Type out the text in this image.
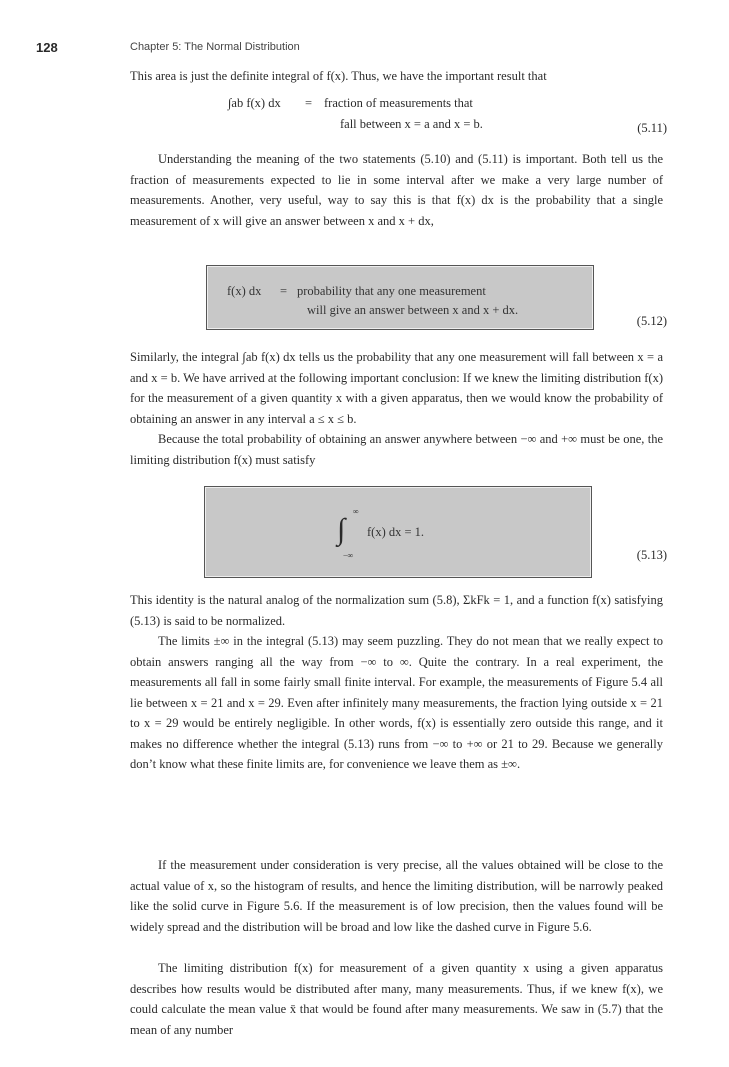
128	Chapter 5: The Normal Distribution

This area is just the definite integral of f(x). Thus, we have the important result that

∫ab f(x) dx = fraction of measurements that
fall between x = a and x = b.	(5.11)

Understanding the meaning of the two statements (5.10) and (5.11) is important. Both tell us the fraction of measurements expected to lie in some interval after we make a very large number of measurements. Another, very useful, way to say this is that f(x) dx is the probability that a single measurement of x will give an answer between x and x + dx,

f(x) dx = probability that any one measurement
will give an answer between x and x + dx.
(5.12)

Similarly, the integral ∫ab f(x) dx tells us the probability that any one measurement will fall between x = a and x = b. We have arrived at the following important conclusion: If we knew the limiting distribution f(x) for the measurement of a given quantity x with a given apparatus, then we would know the probability of obtaining an answer in any interval a ≤ x ≤ b.

Because the total probability of obtaining an answer anywhere between −∞ and +∞ must be one, the limiting distribution f(x) must satisfy

∫
∞
−∞
f(x) dx = 1.
(5.13)

This identity is the natural analog of the normalization sum (5.8), ΣkFk = 1, and a function f(x) satisfying (5.13) is said to be normalized.

The limits ±∞ in the integral (5.13) may seem puzzling. They do not mean that we really expect to obtain answers ranging all the way from −∞ to ∞. Quite the contrary. In a real experiment, the measurements all fall in some fairly small finite interval. For example, the measurements of Figure 5.4 all lie between x = 21 and x = 29. Even after infinitely many measurements, the fraction lying outside x = 21 to x = 29 would be entirely negligible. In other words, f(x) is essentially zero outside this range, and it makes no difference whether the integral (5.13) runs from −∞ to +∞ or 21 to 29. Because we generally don’t know what these finite limits are, for convenience we leave them as ±∞.

If the measurement under consideration is very precise, all the values obtained will be close to the actual value of x, so the histogram of results, and hence the limiting distribution, will be narrowly peaked like the solid curve in Figure 5.6. If the measurement is of low precision, then the values found will be widely spread and the distribution will be broad and low like the dashed curve in Figure 5.6.

The limiting distribution f(x) for measurement of a given quantity x using a given apparatus describes how results would be distributed after many, many measurements. Thus, if we knew f(x), we could calculate the mean value x̄ that would be found after many measurements. We saw in (5.7) that the mean of any number
